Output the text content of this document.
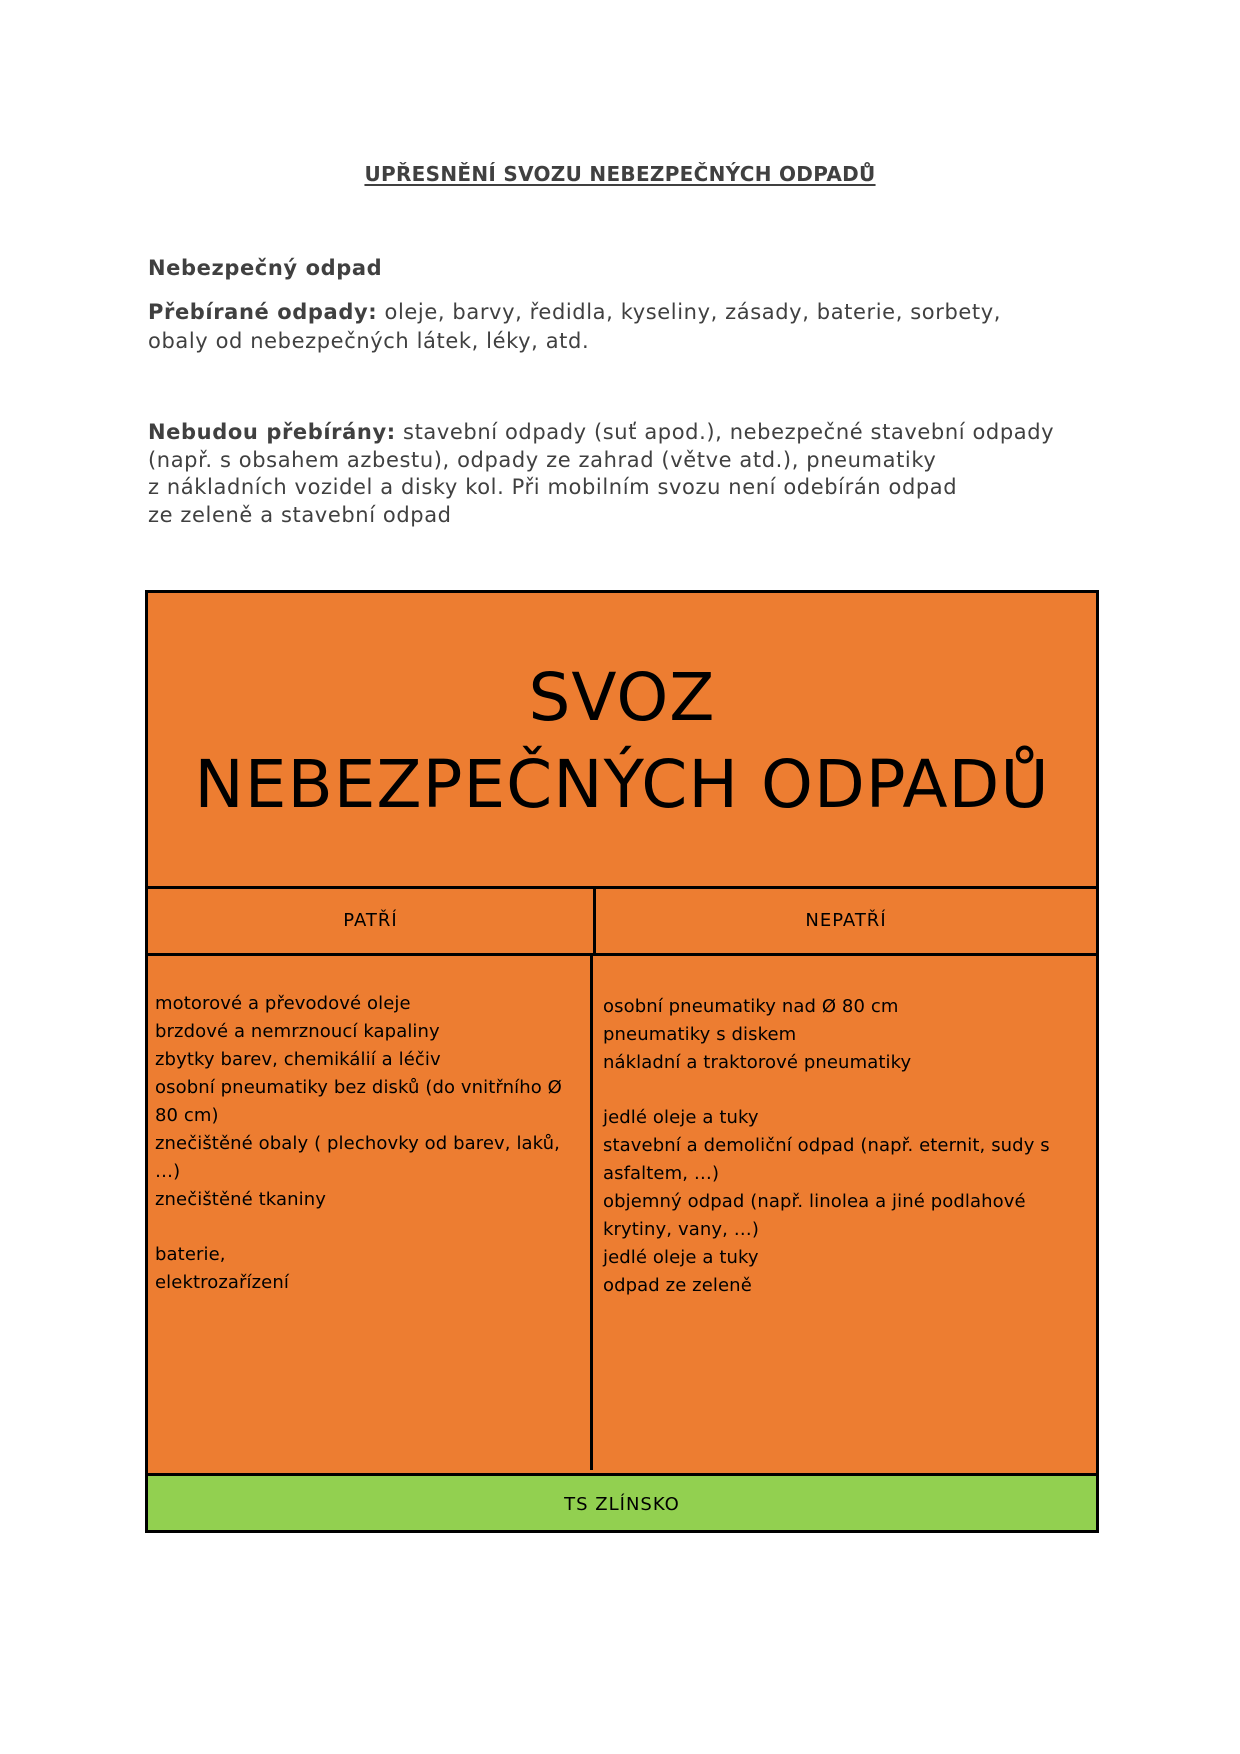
UPŘESNĚNÍ SVOZU NEBEZPEČNÝCH ODPADŮ
Nebezpečný odpad
Přebírané odpady: oleje, barvy, ředidla, kyseliny, zásady, baterie, sorbety,
obaly od nebezpečných látek, léky, atd.
Nebudou přebírány: stavební odpady (suť apod.), nebezpečné stavební odpady
(např. s obsahem azbestu), odpady ze zahrad (větve atd.), pneumatiky
z nákladních vozidel a disky kol. Při mobilním svozu není odebírán odpad
ze zeleně a stavební odpad
SVOZ
NEBEZPEČNÝCH ODPADŮ
PATŘÍ	NEPATŘÍ
motorové a převodové oleje
brzdové a nemrznoucí kapaliny
zbytky barev, chemikálií a léčiv
osobní pneumatiky bez disků (do vnitřního Ø
80 cm)
znečištěné obaly ( plechovky od barev, laků,
…)
znečištěné tkaniny
baterie,
elektrozařízení
osobní pneumatiky nad Ø 80 cm
pneumatiky s diskem
nákladní a traktorové pneumatiky
jedlé oleje a tuky
stavební a demoliční odpad (např. eternit, sudy s
asfaltem, …)
objemný odpad (např. linolea a jiné podlahové
krytiny, vany, …)
jedlé oleje a tuky
odpad ze zeleně
TS ZLÍNSKO
